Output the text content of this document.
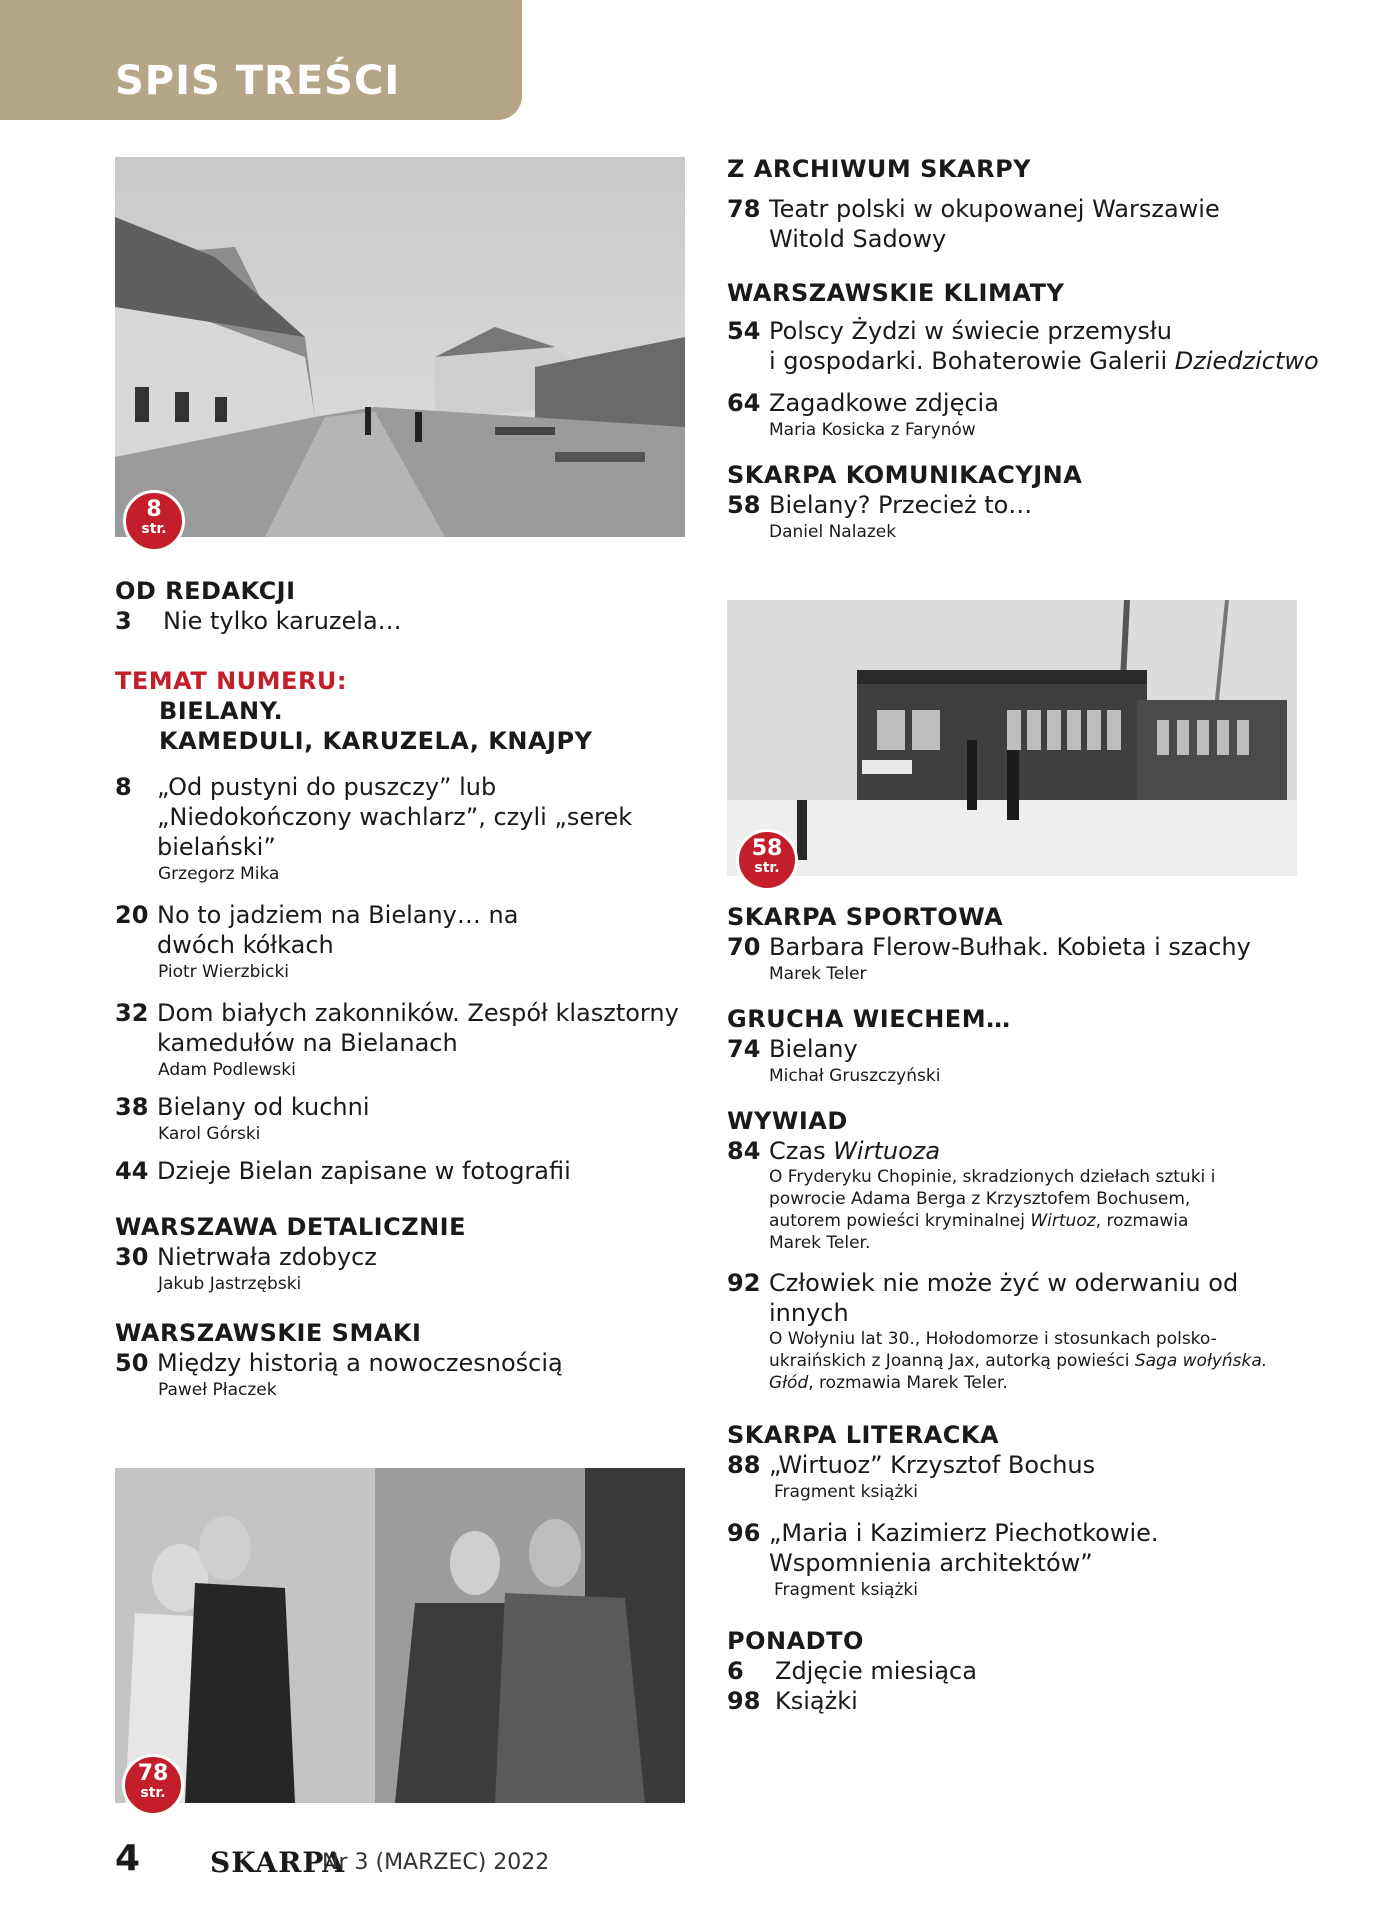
SPIS TREŚCI
8
str.
58
str.
78
str.
OD REDAKCJI
3	Nie tylko karuzela…
TEMAT NUMERU:
BIELANY.
KAMEDULI, KARUZELA, KNAJPY
8	„Od pustyni do puszczy” lub „Niedokończony wachlarz”, czyli „serek bielański”
Grzegorz Mika
20 No to jadziem na Bielany… na dwóch kółkach
Piotr Wierzbicki
32 Dom białych zakonników. Zespół klasztorny kamedułów na Bielanach
Adam Podlewski
38 Bielany od kuchni
Karol Górski
44 Dzieje Bielan zapisane w fotografii
WARSZAWA DETALICZNIE
30 Nietrwała zdobycz
Jakub Jastrzębski
WARSZAWSKIE SMAKI
50 Między historią a nowoczesnością
Paweł Płaczek
Z ARCHIWUM SKARPY
78 Teatr polski w okupowanej Warszawie
Witold Sadowy
WARSZAWSKIE KLIMATY
54 Polscy Żydzi w świecie przemysłu
i gospodarki. Bohaterowie Galerii Dziedzictwo
64 Zagadkowe zdjęcia
Maria Kosicka z Farynów
SKARPA KOMUNIKACYJNA
58 Bielany? Przecież to…
Daniel Nalazek
SKARPA SPORTOWA
70 Barbara Flerow-Bułhak. Kobieta i szachy
Marek Teler
GRUCHA WIECHEM…
74 Bielany
Michał Gruszczyński
WYWIAD
84 Czas Wirtuoza
O Fryderyku Chopinie, skradzionych dziełach sztuki i powrocie Adama Berga z Krzysztofem Bochusem, autorem powieści kryminalnej Wirtuoz, rozmawia Marek Teler.
92 Człowiek nie może żyć w oderwaniu od innych
O Wołyniu lat 30., Hołodomorze i stosunkach polsko-ukraińskich z Joanną Jax, autorką powieści Saga wołyńska. Głód, rozmawia Marek Teler.
SKARPA LITERACKA
88 „Wirtuoz” Krzysztof Bochus
Fragment książki
96 „Maria i Kazimierz Piechotkowie. Wspomnienia architektów”
Fragment książki
PONADTO
6	Zdjęcie miesiąca
98 Książki
4 SKARPA
Nr 3 (MARZEC) 2022
